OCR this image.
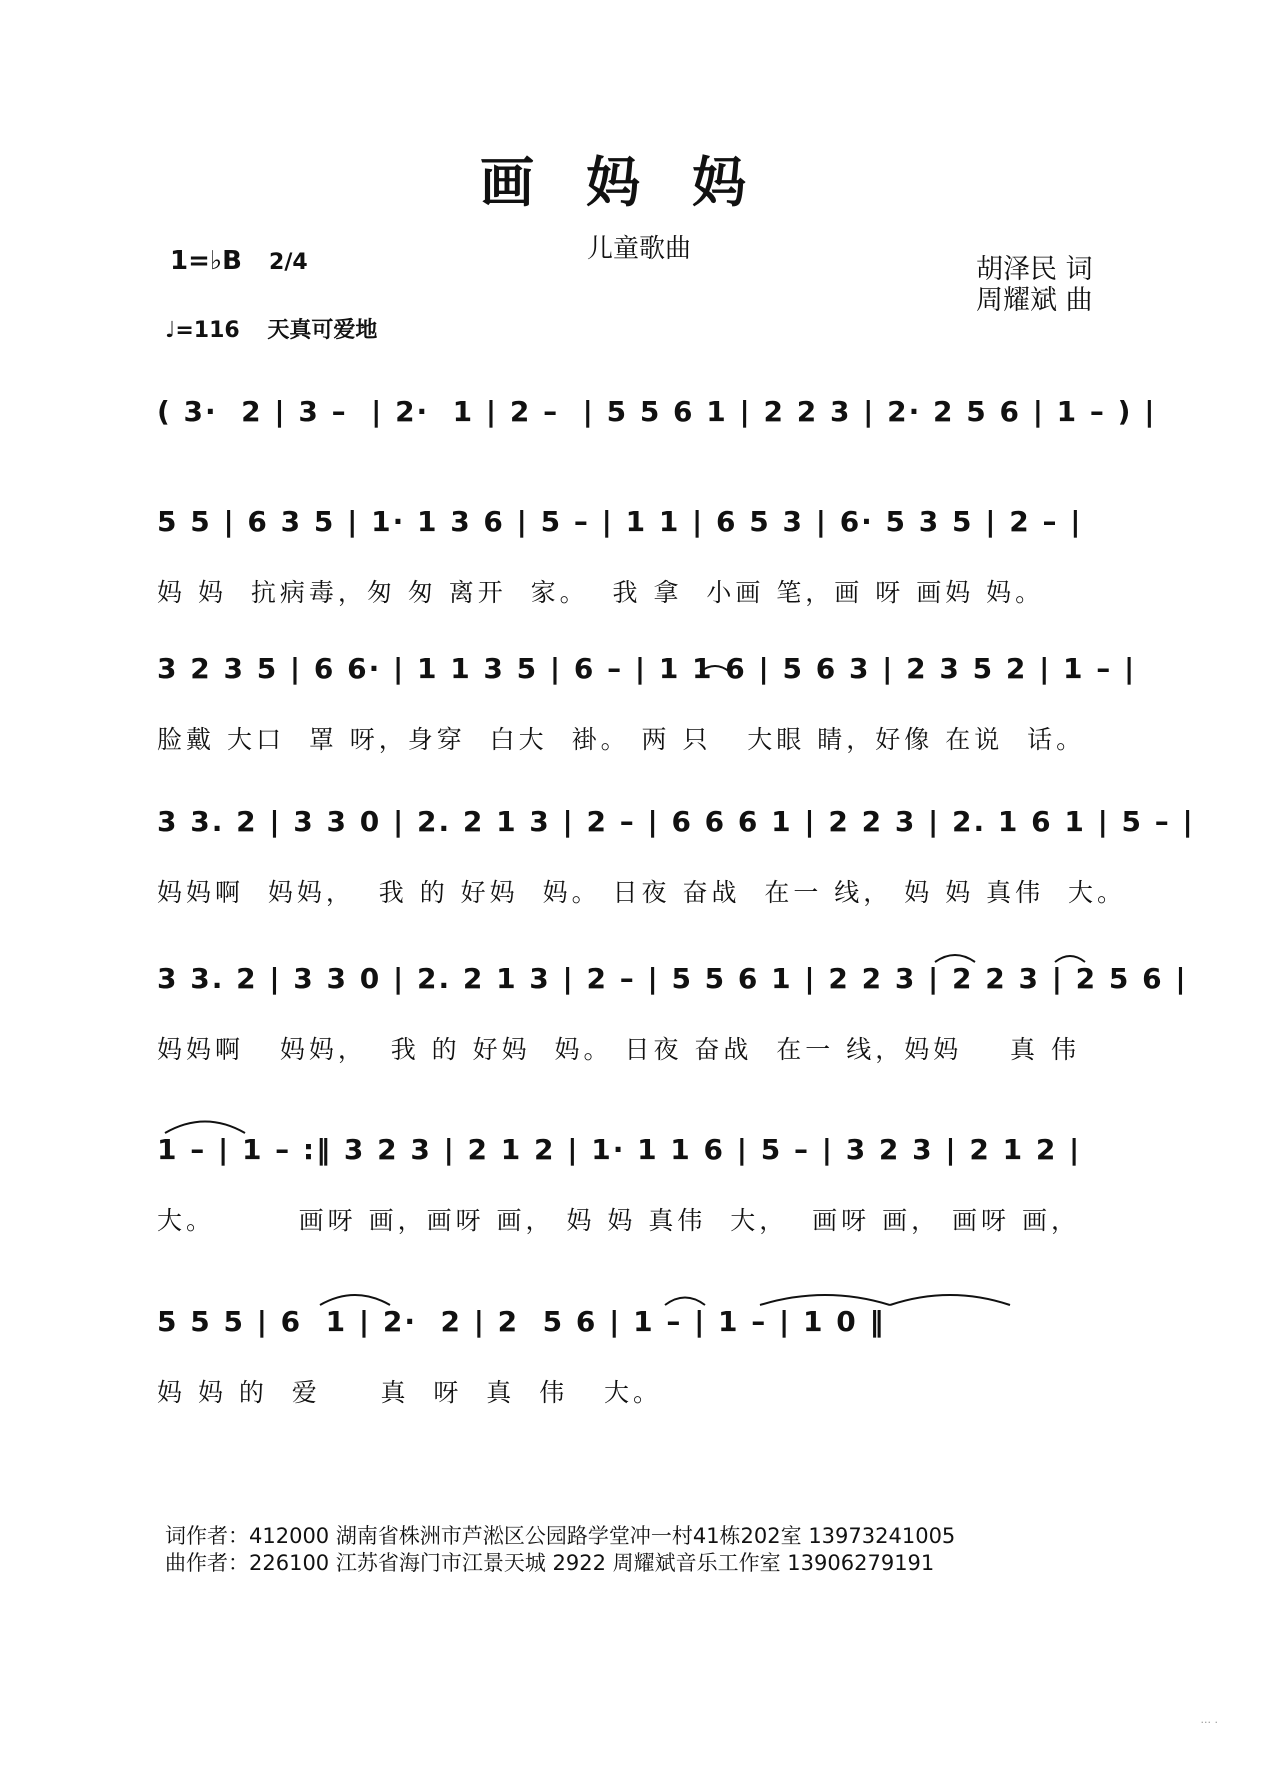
画妈妈
儿童歌曲
1=♭B 2/4
♩=116 天真可爱地
胡泽民 词
周耀斌 曲
( 3·  2 | 3 –  | 2·  1 | 2 –  | 5 5 6 1 | 2 2 3 | 2· 2 5 6 | 1 – ) |
5 5 | 6 3 5 | 1· 1 3 6 | 5 – | 1 1 | 6 5 3 | 6· 5 3 5 | 2 – |
妈 妈  抗病毒，匆 匆 离开  家。  我 拿  小画 笔，画 呀 画妈 妈。
3 2 3 5 | 6 6· | 1 1 3 5 | 6 – | 1 1 6 | 5 6 3 | 2 3 5 2 | 1 – |
脸戴 大口  罩 呀，身穿  白大  褂。 两 只   大眼 睛，好像 在说  话。
3 3. 2 | 3 3 0 | 2. 2 1 3 | 2 – | 6 6 6 1 | 2 2 3 | 2. 1 6 1 | 5 – |
妈妈啊  妈妈，  我 的 好妈  妈。 日夜 奋战  在一 线， 妈 妈 真伟  大。
3 3. 2 | 3 3 0 | 2. 2 1 3 | 2 – | 5 5 6 1 | 2 2 3 | 2 2 3 | 2 5 6 |
妈妈啊   妈妈，  我 的 好妈  妈。 日夜 奋战  在一 线，妈妈    真 伟
1 – | 1 – :‖ 3 2 3 | 2 1 2 | 1· 1 1 6 | 5 – | 3 2 3 | 2 1 2 |
大。       画呀 画，画呀 画， 妈 妈 真伟  大，  画呀 画， 画呀 画，
5 5 5 | 6  1 | 2·  2 | 2  5 6 | 1 – | 1 – | 1 0 ‖
妈 妈 的  爱     真  呀  真  伟   大。
词作者：412000 湖南省株洲市芦淞区公园路学堂冲一村41栋202室 13973241005
曲作者：226100 江苏省海门市江景天城 2922 周耀斌音乐工作室 13906279191
··· ·
